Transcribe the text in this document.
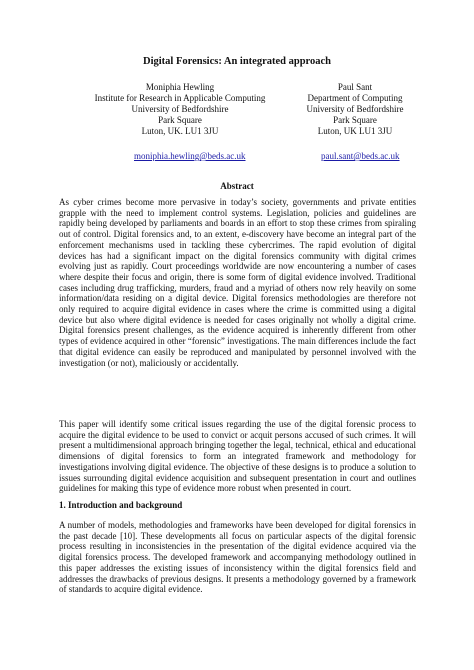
Digital Forensics: An integrated approach
Moniphia Hewling
Institute for Research in Applicable Computing
University of Bedfordshire
Park Square
Luton, UK. LU1 3JU
Paul Sant
Department of Computing
University of Bedfordshire
Park Square
Luton, UK LU1 3JU
moniphia.hewling@beds.ac.uk	paul.sant@beds.ac.uk
Abstract

As cyber crimes become more pervasive in today’s society, governments and private entities grapple with the need to implement control systems. Legislation, policies and guidelines are rapidly being developed by parliaments and boards in an effort to stop these crimes from spiraling out of control. Digital forensics and, to an extent, e-discovery have become an integral part of the enforcement mechanisms used in tackling these cybercrimes. The rapid evolution of digital devices has had a significant impact on the digital forensics community with digital crimes evolving just as rapidly. Court proceedings worldwide are now encountering a number of cases where despite their focus and origin, there is some form of digital evidence involved. Traditional cases including drug trafficking, murders, fraud and a myriad of others now rely heavily on some information/data residing on a digital device. Digital forensics methodologies are therefore not only required to acquire digital evidence in cases where the crime is committed using a digital device but also where digital evidence is needed for cases originally not wholly a digital crime. Digital forensics present challenges, as the evidence acquired is inherently different from other types of evidence acquired in other “forensic” investigations. The main differences include the fact that digital evidence can easily be reproduced and manipulated by personnel involved with the investigation (or not), maliciously or accidentally.

This paper will identify some critical issues regarding the use of the digital forensic process to acquire the digital evidence to be used to convict or acquit persons accused of such crimes. It will present a multidimensional approach bringing together the legal, technical, ethical and educational dimensions of digital forensics to form an integrated framework and methodology for investigations involving digital evidence. The objective of these designs is to produce a solution to issues surrounding digital evidence acquisition and subsequent presentation in court and outlines guidelines for making this type of evidence more robust when presented in court.

1. Introduction and background

A number of models, methodologies and frameworks have been developed for digital forensics in the past decade [10]. These developments all focus on particular aspects of the digital forensic process resulting in inconsistencies in the presentation of the digital evidence acquired via the digital forensics process. The developed framework and accompanying methodology outlined in this paper addresses the existing issues of inconsistency within the digital forensics field and addresses the drawbacks of previous designs. It presents a methodology governed by a framework of standards to acquire digital evidence.
